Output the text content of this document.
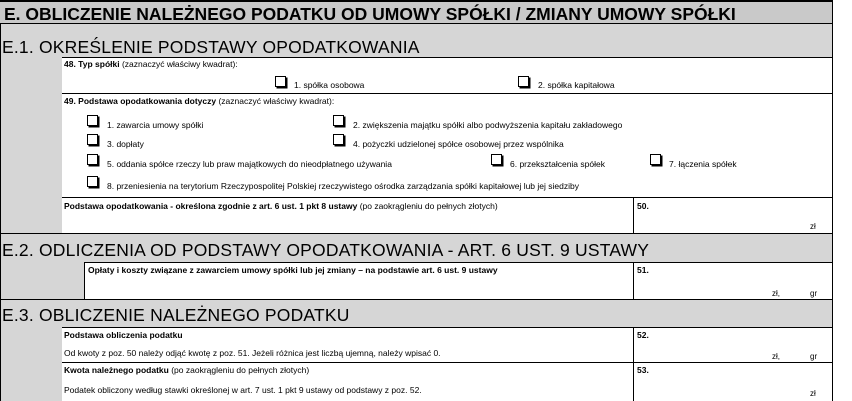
E. OBLICZENIE NALEŻNEGO PODATKU OD UMOWY SPÓŁKI / ZMIANY UMOWY SPÓŁKI
E.1. OKREŚLENIE PODSTAWY OPODATKOWANIA
48. Typ spółki (zaznaczyć właściwy kwadrat):
1. spółka osobowa	2. spółka kapitałowa
49. Podstawa opodatkowania dotyczy (zaznaczyć właściwy kwadrat):
1. zawarcia umowy spółki	2. zwiększenia majątku spółki albo podwyższenia kapitału zakładowego
3. dopłaty	4. pożyczki udzielonej spółce osobowej przez wspólnika
5. oddania spółce rzeczy lub praw majątkowych do nieodpłatnego używania	6. przekształcenia spółek	7. łączenia spółek
8. przeniesienia na terytorium Rzeczypospolitej Polskiej rzeczywistego ośrodka zarządzania spółki kapitałowej lub jej siedziby
Podstawa opodatkowania - określona zgodnie z art. 6 ust. 1 pkt 8 ustawy (po zaokrągleniu do pełnych złotych)	50.
zł
E.2. ODLICZENIA OD PODSTAWY OPODATKOWANIA - ART. 6 UST. 9 USTAWY
Opłaty i koszty związane z zawarciem umowy spółki lub jej zmiany – na podstawie art. 6 ust. 9 ustawy	51.
zł,	gr
E.3. OBLICZENIE NALEŻNEGO PODATKU
Podstawa obliczenia podatku
Od kwoty z poz. 50 należy odjąć kwotę z poz. 51. Jeżeli różnica jest liczbą ujemną, należy wpisać 0.
52.
zł,	gr
Kwota należnego podatku (po zaokrągleniu do pełnych złotych)
Podatek obliczony według stawki określonej w art. 7 ust. 1 pkt 9 ustawy od podstawy z poz. 52.
53.
zł
